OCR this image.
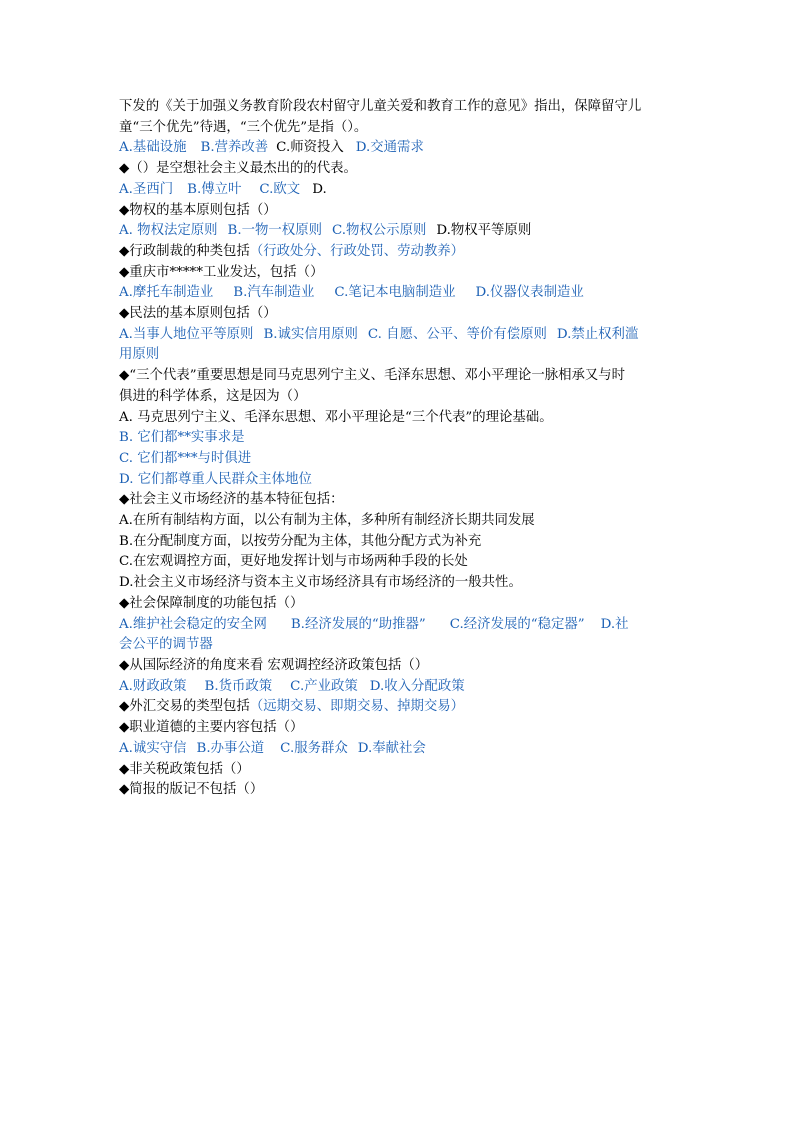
下发的《关于加强义务教育阶段农村留守儿童关爱和教育工作的意见》指出，保障留守儿
童“三个优先”待遇，“三个优先”是指（）。
A.基础设施 B.营养改善 C.师资投入 D.交通需求
◆（）是空想社会主义最杰出的的代表。
A.圣西门 B.傅立叶 C.欧文 D.
◆物权的基本原则包括（）
A. 物权法定原则 B.一物一权原则 C.物权公示原则 D.物权平等原则
◆行政制裁的种类包括（行政处分、行政处罚、劳动教养）
◆重庆市*****工业发达，包括（）
A.摩托车制造业 B.汽车制造业 C.笔记本电脑制造业 D.仪器仪表制造业
◆民法的基本原则包括（）
A.当事人地位平等原则 B.诚实信用原则 C. 自愿、公平、等价有偿原则 D.禁止权利滥
用原则
◆“三个代表”重要思想是同马克思列宁主义、毛泽东思想、邓小平理论一脉相承又与时
俱进的科学体系，这是因为（）
A. 马克思列宁主义、毛泽东思想、邓小平理论是“三个代表”的理论基础。
B. 它们都**实事求是
C. 它们都***与时俱进
D. 它们都尊重人民群众主体地位
◆社会主义市场经济的基本特征包括：
A.在所有制结构方面，以公有制为主体，多种所有制经济长期共同发展
B.在分配制度方面，以按劳分配为主体，其他分配方式为补充
C.在宏观调控方面，更好地发挥计划与市场两种手段的长处
D.社会主义市场经济与资本主义市场经济具有市场经济的一般共性。
◆社会保障制度的功能包括（）
A.维护社会稳定的安全网 B.经济发展的“助推器” C.经济发展的“稳定器” D.社
会公平的调节器
◆从国际经济的角度来看 宏观调控经济政策包括（）
A.财政政策 B.货币政策 C.产业政策 D.收入分配政策
◆外汇交易的类型包括（远期交易、即期交易、掉期交易）
◆职业道德的主要内容包括（）
A.诚实守信 B.办事公道 C.服务群众 D.奉献社会
◆非关税政策包括（）
◆简报的版记不包括（）
